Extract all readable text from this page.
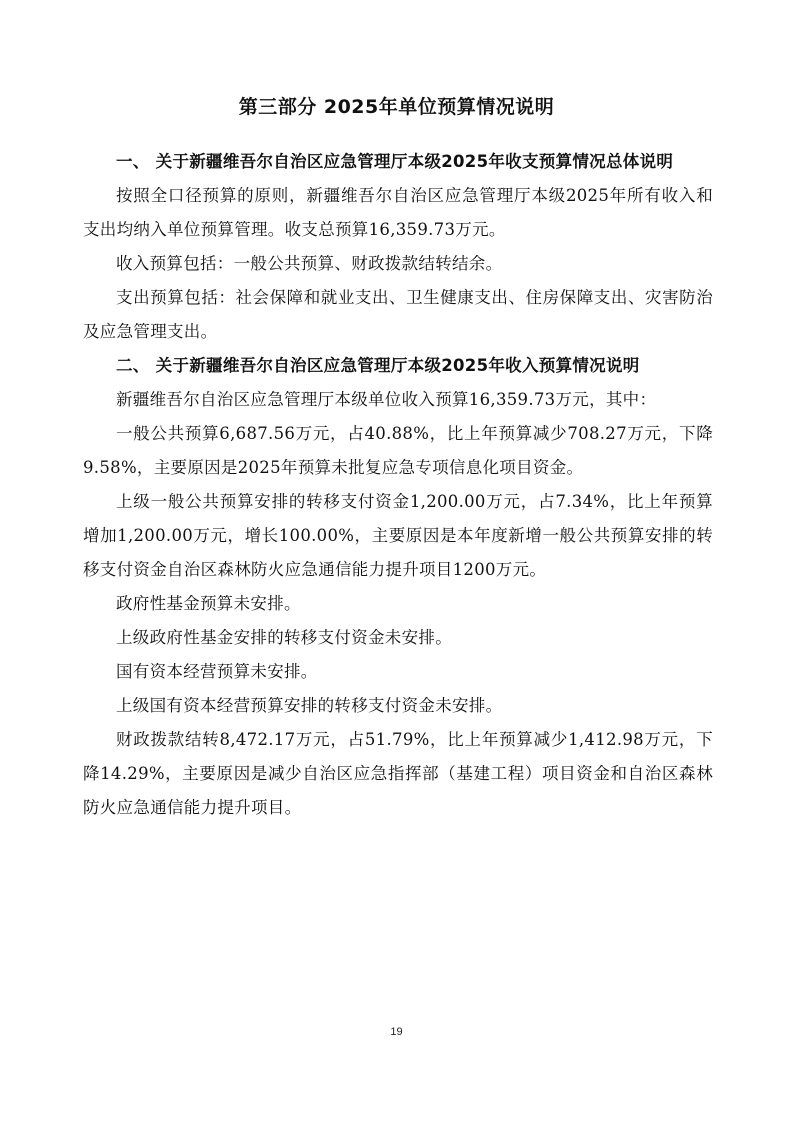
第三部分 2025年单位预算情况说明

一、 关于新疆维吾尔自治区应急管理厅本级2025年收支预算情况总体说明

按照全口径预算的原则，新疆维吾尔自治区应急管理厅本级2025年所有收入和支出均纳入单位预算管理。收支总预算16,359.73万元。

收入预算包括：一般公共预算、财政拨款结转结余。

支出预算包括：社会保障和就业支出、卫生健康支出、住房保障支出、灾害防治及应急管理支出。

二、 关于新疆维吾尔自治区应急管理厅本级2025年收入预算情况说明

新疆维吾尔自治区应急管理厅本级单位收入预算16,359.73万元，其中：

一般公共预算6,687.56万元，占40.88%，比上年预算减少708.27万元，下降9.58%，主要原因是2025年预算未批复应急专项信息化项目资金。

上级一般公共预算安排的转移支付资金1,200.00万元，占7.34%，比上年预算增加1,200.00万元，增长100.00%，主要原因是本年度新增一般公共预算安排的转移支付资金自治区森林防火应急通信能力提升项目1200万元。

政府性基金预算未安排。

上级政府性基金安排的转移支付资金未安排。

国有资本经营预算未安排。

上级国有资本经营预算安排的转移支付资金未安排。

财政拨款结转8,472.17万元，占51.79%，比上年预算减少1,412.98万元，下降14.29%，主要原因是减少自治区应急指挥部（基建工程）项目资金和自治区森林防火应急通信能力提升项目。

19
